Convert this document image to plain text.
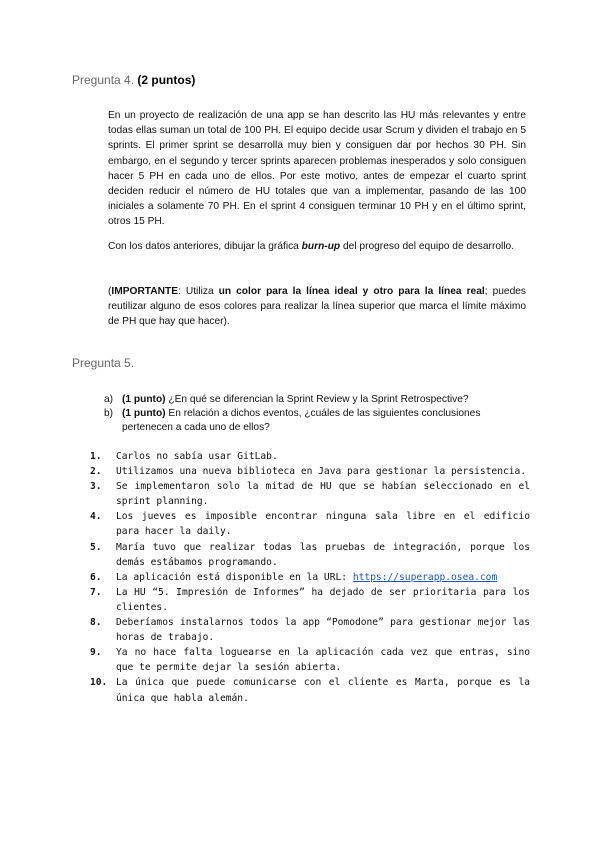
Pregunta 4. (2 puntos)
En un proyecto de realización de una app se han descrito las HU más relevantes y entre todas ellas suman un total de 100 PH. El equipo decide usar Scrum y dividen el trabajo en 5 sprints. El primer sprint se desarrolla muy bien y consiguen dar por hechos 30 PH. Sin embargo, en el segundo y tercer sprints aparecen problemas inesperados y solo consiguen hacer 5 PH en cada uno de ellos. Por este motivo, antes de empezar el cuarto sprint deciden reducir el número de HU totales que van a implementar, pasando de las 100 iniciales a solamente 70 PH. En el sprint 4 consiguen terminar 10 PH y en el último sprint, otros 15 PH.
Con los datos anteriores, dibujar la gráfica burn-up del progreso del equipo de desarrollo.
(IMPORTANTE: Utiliza un color para la línea ideal y otro para la línea real; puedes reutilizar alguno de esos colores para realizar la línea superior que marca el límite máximo de PH que hay que hacer).
Pregunta 5.
a) (1 punto) ¿En qué se diferencian la Sprint Review y la Sprint Retrospective?
b) (1 punto) En relación a dichos eventos, ¿cuáles de las siguientes conclusiones pertenecen a cada uno de ellos?
1. Carlos no sabía usar GitLab.
2. Utilizamos una nueva biblioteca en Java para gestionar la persistencia.
3. Se implementaron solo la mitad de HU que se habían seleccionado en el sprint planning.
4. Los jueves es imposible encontrar ninguna sala libre en el edificio para hacer la daily.
5. María tuvo que realizar todas las pruebas de integración, porque los demás estábamos programando.
6. La aplicación está disponible en la URL: https://superapp.osea.com
7. La HU “5. Impresión de Informes” ha dejado de ser prioritaria para los clientes.
8. Deberíamos instalarnos todos la app “Pomodone” para gestionar mejor las horas de trabajo.
9. Ya no hace falta loguearse en la aplicación cada vez que entras, sino que te permite dejar la sesión abierta.
10. La única que puede comunicarse con el cliente es Marta, porque es la única que habla alemán.
